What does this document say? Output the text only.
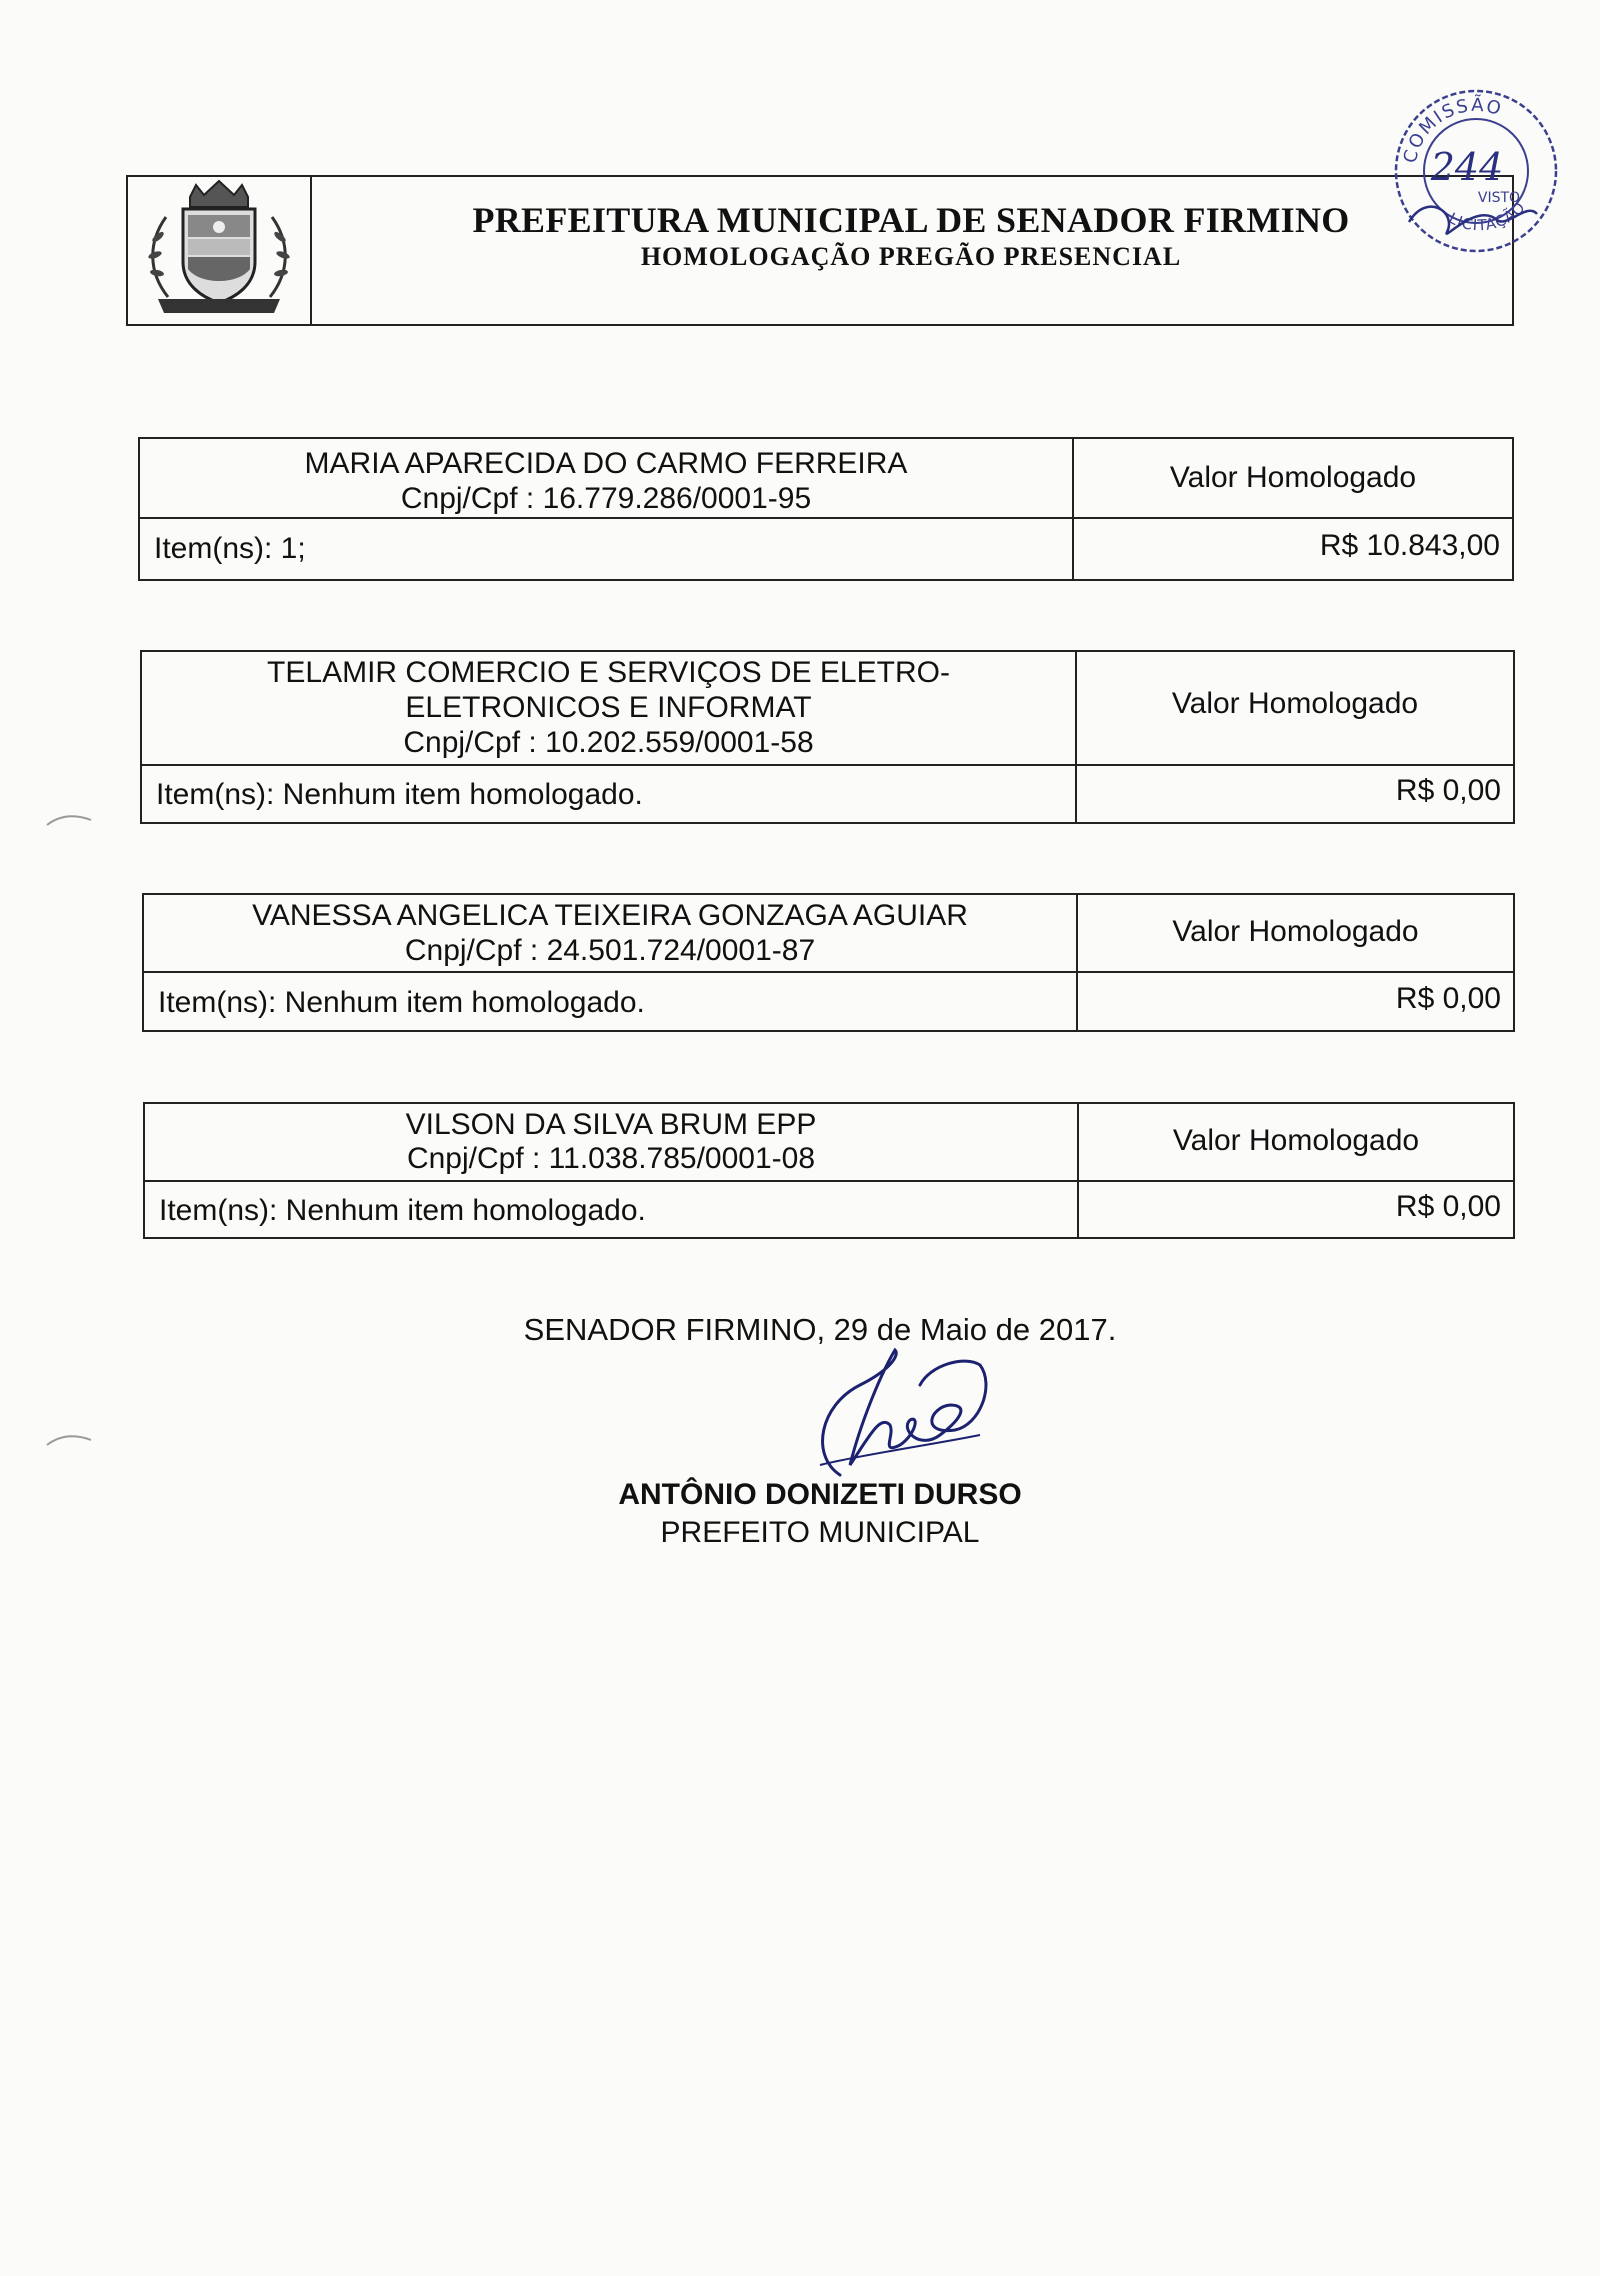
PREFEITURA MUNICIPAL DE SENADOR FIRMINO
HOMOLOGAÇÃO PREGÃO PRESENCIAL
COMISSÃO
LICITAÇÃO
244
VISTO
MARIA APARECIDA DO CARMO FERREIRA
Cnpj/Cpf : 16.779.286/0001-95
Valor Homologado
Item(ns): 1;	R$ 10.843,00
TELAMIR COMERCIO E SERVIÇOS DE ELETRO-
ELETRONICOS E INFORMAT
Cnpj/Cpf : 10.202.559/0001-58
Valor Homologado
Item(ns): Nenhum item homologado.	R$ 0,00
VANESSA ANGELICA TEIXEIRA GONZAGA AGUIAR
Cnpj/Cpf : 24.501.724/0001-87
Valor Homologado
Item(ns): Nenhum item homologado.	R$ 0,00
VILSON DA SILVA BRUM EPP
Cnpj/Cpf : 11.038.785/0001-08
Valor Homologado
Item(ns): Nenhum item homologado.	R$ 0,00
SENADOR FIRMINO, 29 de Maio de 2017.
ANTÔNIO DONIZETI DURSO
PREFEITO MUNICIPAL
